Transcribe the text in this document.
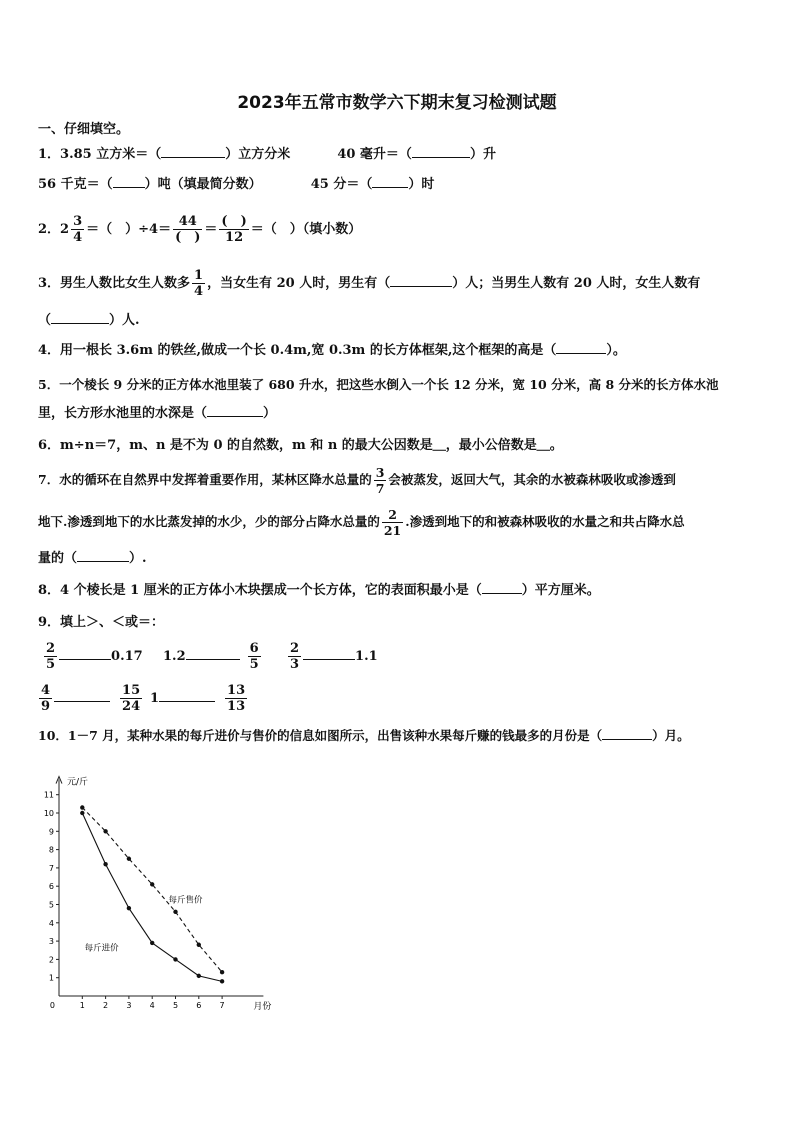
2023年五常市数学六下期末复习检测试题
一、仔细填空。
1．3.85 立方米＝（	）立方分米	40 毫升＝（	）升
56 千克＝（ ）吨（填最简分数）	45 分＝（	）时
2．$2 \frac{3}{4}$ ＝（　）÷4＝
44
(　)
＝
(　)
12
＝（　）（填小数）
3．男生人数比女生人数多 $\frac{1}{4}$ ，当女生有 20 人时，男生有（	）人；当男生人数有 20 人时，女生人数有
（	）人.
4．用一根长 3.6m 的铁丝,做成一个长 0.4m,宽 0.3m 的长方体框架,这个框架的高是（	）。
5．一个棱长 9 分米的正方体水池里装了 680 升水，把这些水倒入一个长 12 分米，宽 10 分米，高 8 分米的长方体水池
里，长方形水池里的水深是（	）
6．m÷n＝7，m、n 是不为 0 的自然数，m 和 n 的最大公因数是＿，最小公倍数是＿。
7．水的循环在自然界中发挥着重要作用，某林区降水总量的 $\frac{3}{7}$ 会被蒸发，返回大气，其余的水被森林吸收或渗透到
地下.渗透到地下的水比蒸发掉的水少，少的部分占降水总量的 $\frac{2}{21}$ .渗透到地下的和被森林吸收的水量之和共占降水总
量的（	）.
8．4 个棱长是 1 厘米的正方体小木块摆成一个长方体，它的表面积最小是（	）平方厘米。
9．填上＞、＜或＝：
$\frac{2}{5}$	0.17 1.2	$\frac{6}{5} \frac{2}{3}$	1.1
$\frac{4}{9}$	$\frac{15}{24} 1$	$\frac{13}{13}$
10．1－7 月，某种水果的每斤进价与售价的信息如图所示，出售该种水果每斤赚的钱最多的月份是（	）月。
元/斤
月份
0
1
2
3
4
5
6
7
8
9
10
11
1 2 3 4 5 6 7
每斤售价
每斤进价
